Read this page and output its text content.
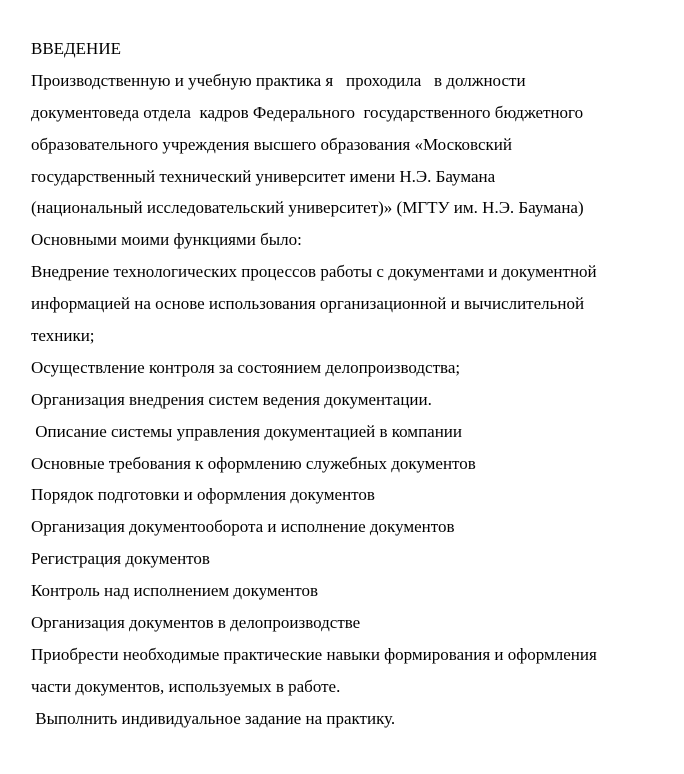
ВВЕДЕНИЕ
Производственную и учебную практика я   проходила   в должности
документоведа отдела  кадров Федерального  государственного бюджетного
образовательного учреждения высшего образования «Московский
государственный технический университет имени Н.Э. Баумана
(национальный исследовательский университет)» (МГТУ им. Н.Э. Баумана)
Основными моими функциями было:
Внедрение технологических процессов работы с документами и документной
информацией на основе использования организационной и вычислительной
техники;
Осуществление контроля за состоянием делопроизводства;
Организация внедрения систем ведения документации.
Описание системы управления документацией в компании
Основные требования к оформлению служебных документов
Порядок подготовки и оформления документов
Организация документооборота и исполнение документов
Регистрация документов
Контроль над исполнением документов
Организация документов в делопроизводстве
Приобрести необходимые практические навыки формирования и оформления
части документов, используемых в работе.
Выполнить индивидуальное задание на практику.
